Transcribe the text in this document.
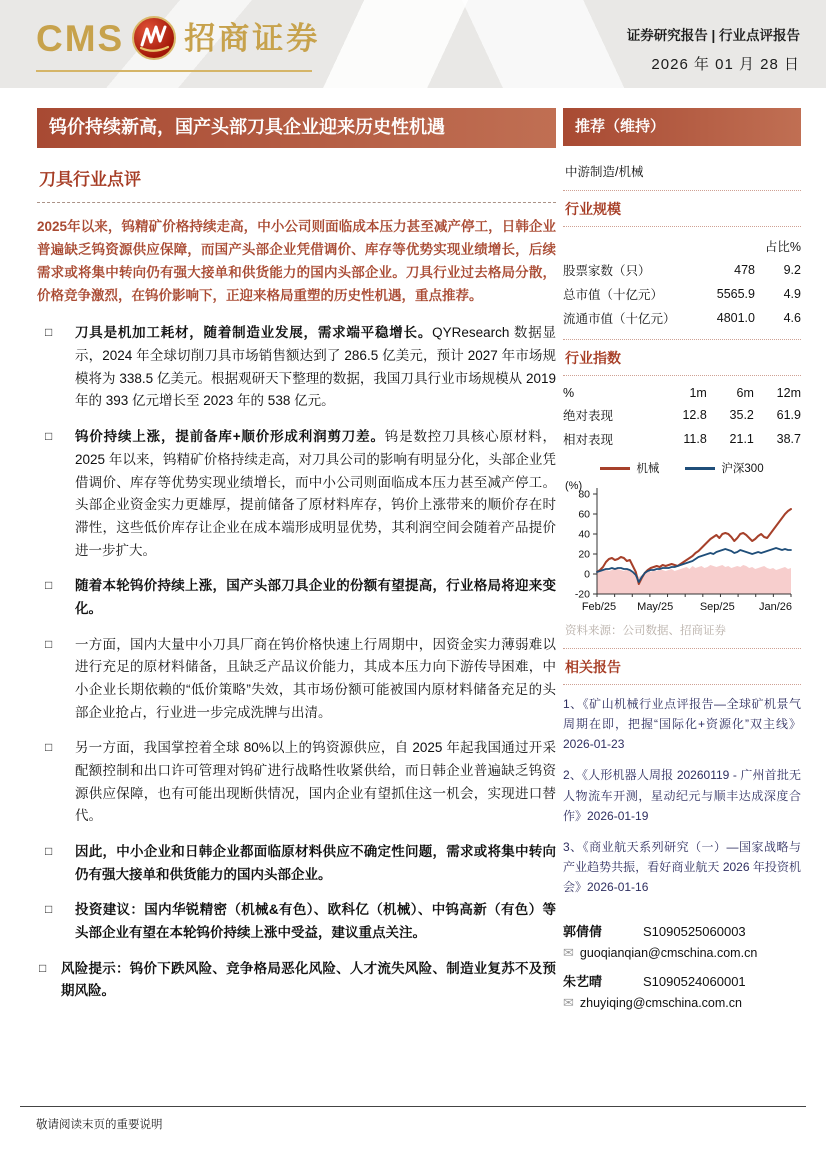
CMS 招商证券	证券研究报告 | 行业点评报告
2026 年 01 月 28 日
钨价持续新高，国产头部刀具企业迎来历史性机遇
刀具行业点评
2025年以来，钨精矿价格持续走高，中小公司则面临成本压力甚至减产停工，日韩企业普遍缺乏钨资源供应保障，而国产头部企业凭借调价、库存等优势实现业绩增长，后续需求或将集中转向仍有强大接单和供货能力的国内头部企业。刀具行业过去格局分散，价格竞争激烈，在钨价影响下，正迎来格局重塑的历史性机遇，重点推荐。
□ 刀具是机加工耗材，随着制造业发展，需求端平稳增长。QYResearch 数据显示，2024 年全球切削刀具市场销售额达到了 286.5 亿美元，预计 2027 年市场规模将为 338.5 亿美元。根据观研天下整理的数据，我国刀具行业市场规模从 2019 年的 393 亿元增长至 2023 年的 538 亿元。
□ 钨价持续上涨，提前备库+顺价形成利润剪刀差。钨是数控刀具核心原材料，2025 年以来，钨精矿价格持续走高，对刀具公司的影响有明显分化，头部企业凭借调价、库存等优势实现业绩增长，而中小公司则面临成本压力甚至减产停工。头部企业资金实力更雄厚，提前储备了原材料库存，钨价上涨带来的顺价存在时滞性，这些低价库存让企业在成本端形成明显优势，其利润空间会随着产品提价进一步扩大。
□ 随着本轮钨价持续上涨，国产头部刀具企业的份额有望提高，行业格局将迎来变化。
□ 一方面，国内大量中小刀具厂商在钨价格快速上行周期中，因资金实力薄弱难以进行充足的原材料储备，且缺乏产品议价能力，其成本压力向下游传导困难，中小企业长期依赖的“低价策略”失效，其市场份额可能被国内原材料储备充足的头部企业抢占，行业进一步完成洗牌与出清。
□ 另一方面，我国掌控着全球 80%以上的钨资源供应，自 2025 年起我国通过开采配额控制和出口许可管理对钨矿进行战略性收紧供给，而日韩企业普遍缺乏钨资源供应保障，也有可能出现断供情况，国内企业有望抓住这一机会，实现进口替代。
□ 因此，中小企业和日韩企业都面临原材料供应不确定性问题，需求或将集中转向仍有强大接单和供货能力的国内头部企业。
□ 投资建议：国内华锐精密（机械&有色）、欧科亿（机械）、中钨高新（有色）等头部企业有望在本轮钨价持续上涨中受益，建议重点关注。
□ 风险提示：钨价下跌风险、竞争格局恶化风险、人才流失风险、制造业复苏不及预期风险。
推荐（维持）
中游制造/机械
行业规模
		占比%
股票家数（只）	478	9.2
总市值（十亿元）	5565.9	4.9
流通市值（十亿元）	4801.0	4.6
行业指数
%	1m	6m	12m
绝对表现	12.8	35.2	61.9
相对表现	11.8	21.1	38.7
机械	沪深300
80
60
40
20
0
-20
Feb/25 May/25 Sep/25 Jan/26
(%)
资料来源：公司数据、招商证券
相关报告
1、《矿山机械行业点评报告—全球矿机景气周期在即，把握“国际化+资源化”双主线》2026-01-23
2、《人形机器人周报 20260119 - 广州首批无人物流车开测，星动纪元与顺丰达成深度合作》2026-01-19
3、《商业航天系列研究（一）—国家战略与产业趋势共振，看好商业航天 2026 年投资机会》2026-01-16
郭倩倩	S1090525060003
✉ guoqianqian@cmschina.com.cn
朱艺晴	S1090524060001
✉ zhuyiqing@cmschina.com.cn
敬请阅读末页的重要说明
